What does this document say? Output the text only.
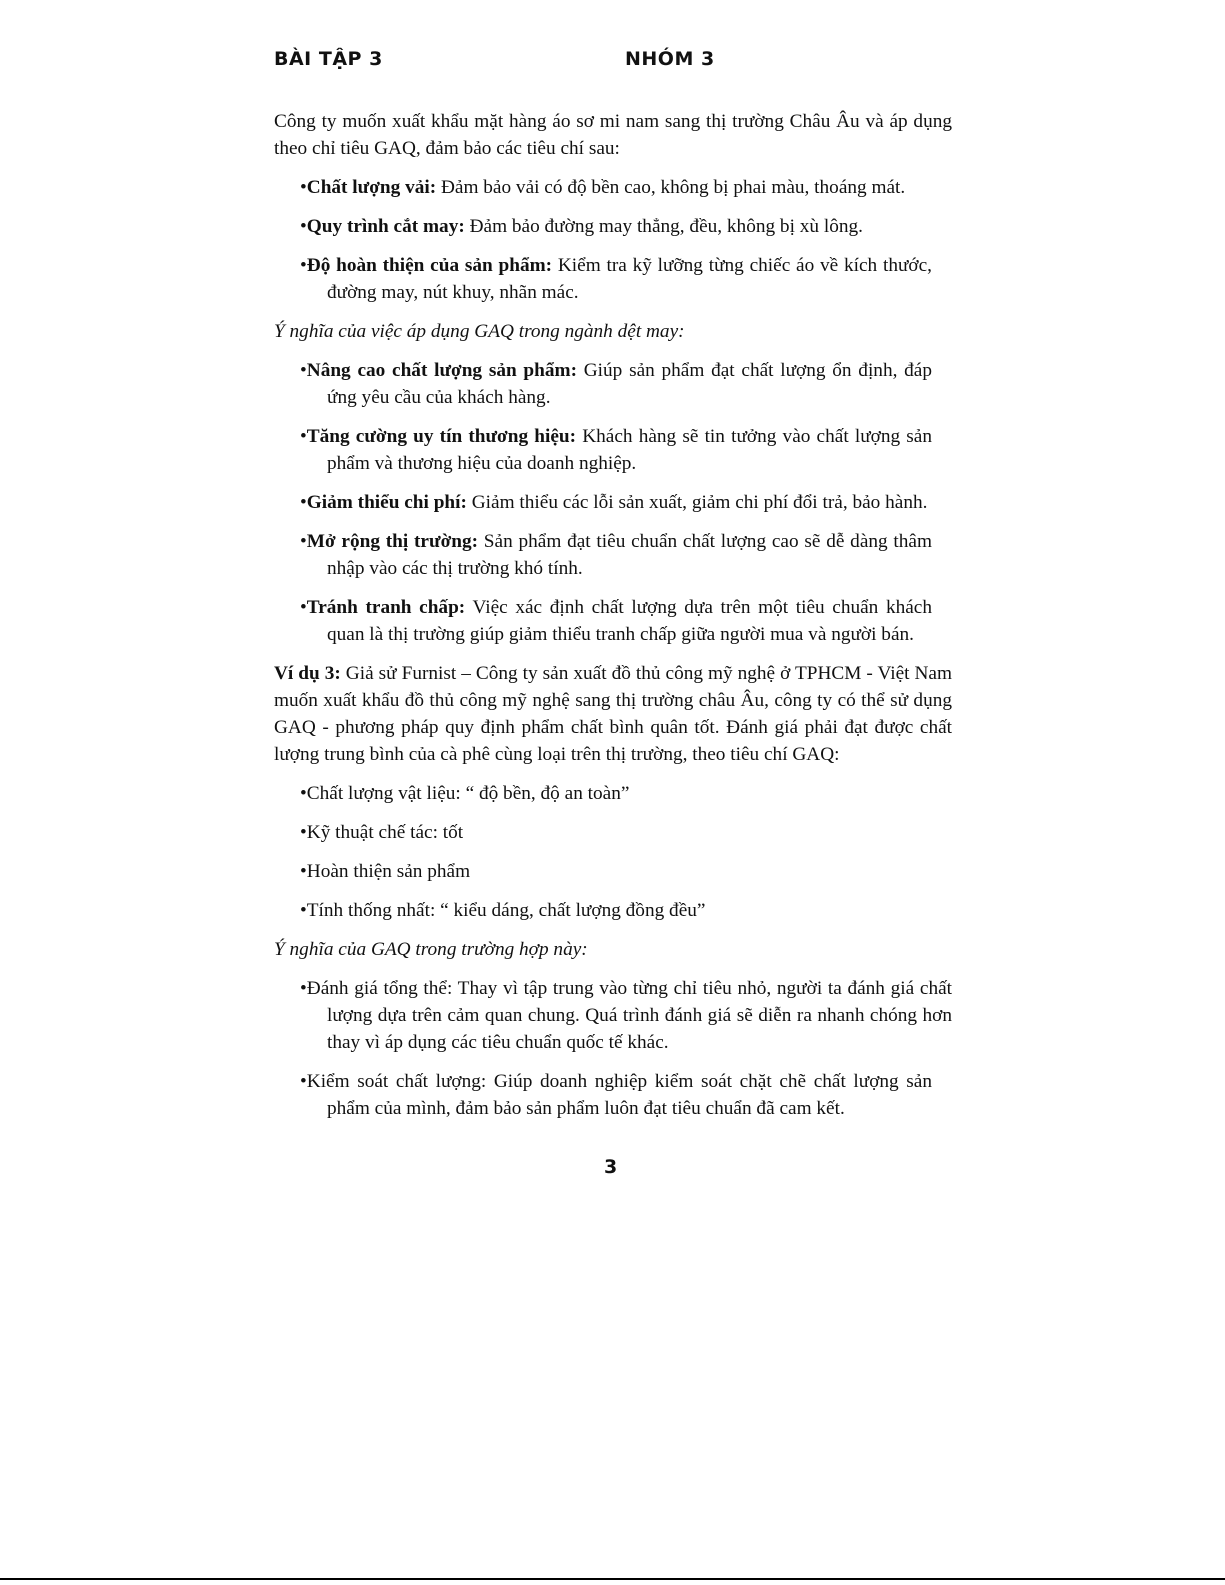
BÀI TẬP 3	NHÓM 3

Công ty muốn xuất khẩu mặt hàng áo sơ mi nam sang thị trường Châu Âu và áp dụng theo chỉ tiêu GAQ, đảm bảo các tiêu chí sau:

•Chất lượng vải: Đảm bảo vải có độ bền cao, không bị phai màu, thoáng mát.
•Quy trình cắt may: Đảm bảo đường may thẳng, đều, không bị xù lông.
•Độ hoàn thiện của sản phẩm: Kiểm tra kỹ lưỡng từng chiếc áo về kích thước, đường may, nút khuy, nhãn mác.

Ý nghĩa của việc áp dụng GAQ trong ngành dệt may:

•Nâng cao chất lượng sản phẩm: Giúp sản phẩm đạt chất lượng ổn định, đáp ứng yêu cầu của khách hàng.
•Tăng cường uy tín thương hiệu: Khách hàng sẽ tin tưởng vào chất lượng sản phẩm và thương hiệu của doanh nghiệp.
•Giảm thiểu chi phí: Giảm thiểu các lỗi sản xuất, giảm chi phí đổi trả, bảo hành.
•Mở rộng thị trường: Sản phẩm đạt tiêu chuẩn chất lượng cao sẽ dễ dàng thâm nhập vào các thị trường khó tính.
•Tránh tranh chấp: Việc xác định chất lượng dựa trên một tiêu chuẩn khách quan là thị trường giúp giảm thiểu tranh chấp giữa người mua và người bán.

Ví dụ 3: Giả sử Furnist – Công ty sản xuất đồ thủ công mỹ nghệ ở TPHCM - Việt Nam muốn xuất khẩu đồ thủ công mỹ nghệ sang thị trường châu Âu, công ty có thể sử dụng GAQ - phương pháp quy định phẩm chất bình quân tốt. Đánh giá phải đạt được chất lượng trung bình của cà phê cùng loại trên thị trường, theo tiêu chí GAQ:

•Chất lượng vật liệu: “ độ bền, độ an toàn”
•Kỹ thuật chế tác: tốt
•Hoàn thiện sản phẩm
•Tính thống nhất: “ kiểu dáng, chất lượng đồng đều”

Ý nghĩa của GAQ trong trường hợp này:

•Đánh giá tổng thể: Thay vì tập trung vào từng chỉ tiêu nhỏ, người ta đánh giá chất lượng dựa trên cảm quan chung. Quá trình đánh giá sẽ diễn ra nhanh chóng hơn thay vì áp dụng các tiêu chuẩn quốc tế khác.
•Kiểm soát chất lượng: Giúp doanh nghiệp kiểm soát chặt chẽ chất lượng sản phẩm của mình, đảm bảo sản phẩm luôn đạt tiêu chuẩn đã cam kết.
3
